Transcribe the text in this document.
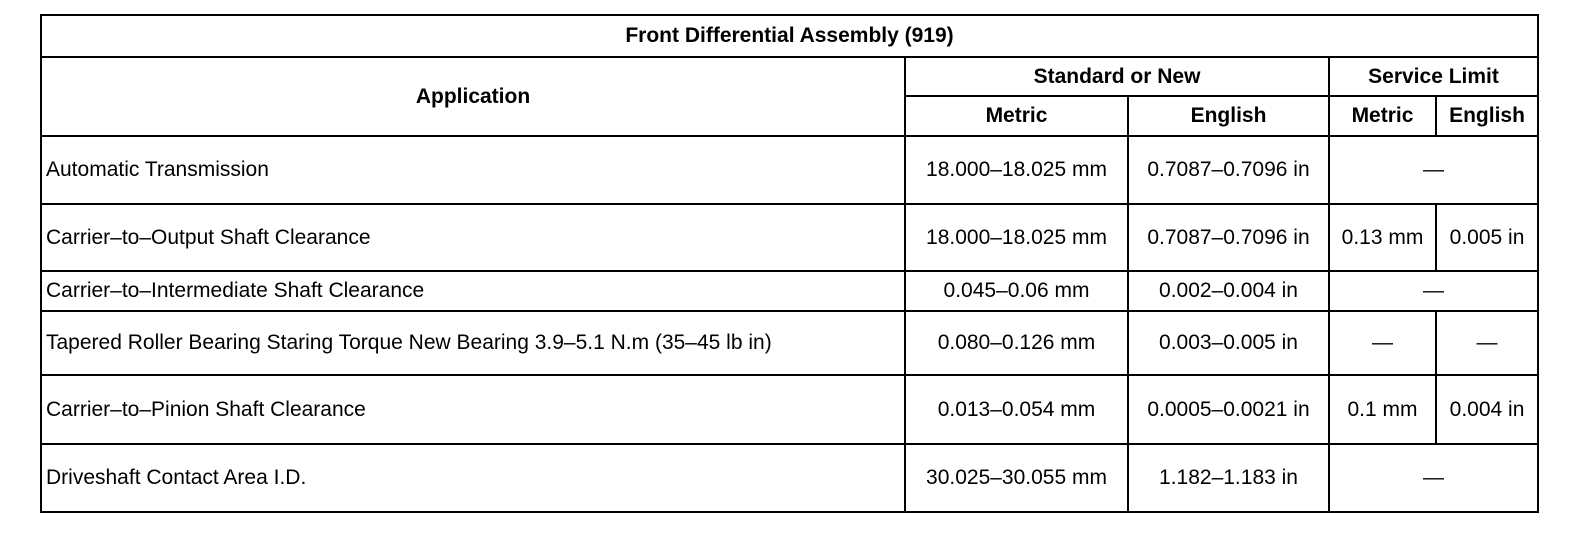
Front Differential Assembly (919)				
Application	Standard or New		Service Limit	
	Metric	English	Metric	English
Automatic Transmission	18.000–18.025 mm	0.7087–0.7096 in	—	
Carrier–to–Output Shaft Clearance	18.000–18.025 mm	0.7087–0.7096 in	0.13 mm	0.005 in
Carrier–to–Intermediate Shaft Clearance	0.045–0.06 mm	0.002–0.004 in	—	
Tapered Roller Bearing Staring Torque New Bearing 3.9–5.1 N.m (35–45 lb in)	0.080–0.126 mm	0.003–0.005 in	—	—
Carrier–to–Pinion Shaft Clearance	0.013–0.054 mm	0.0005–0.0021 in	0.1 mm	0.004 in
Driveshaft Contact Area I.D.	30.025–30.055 mm	1.182–1.183 in	—	
